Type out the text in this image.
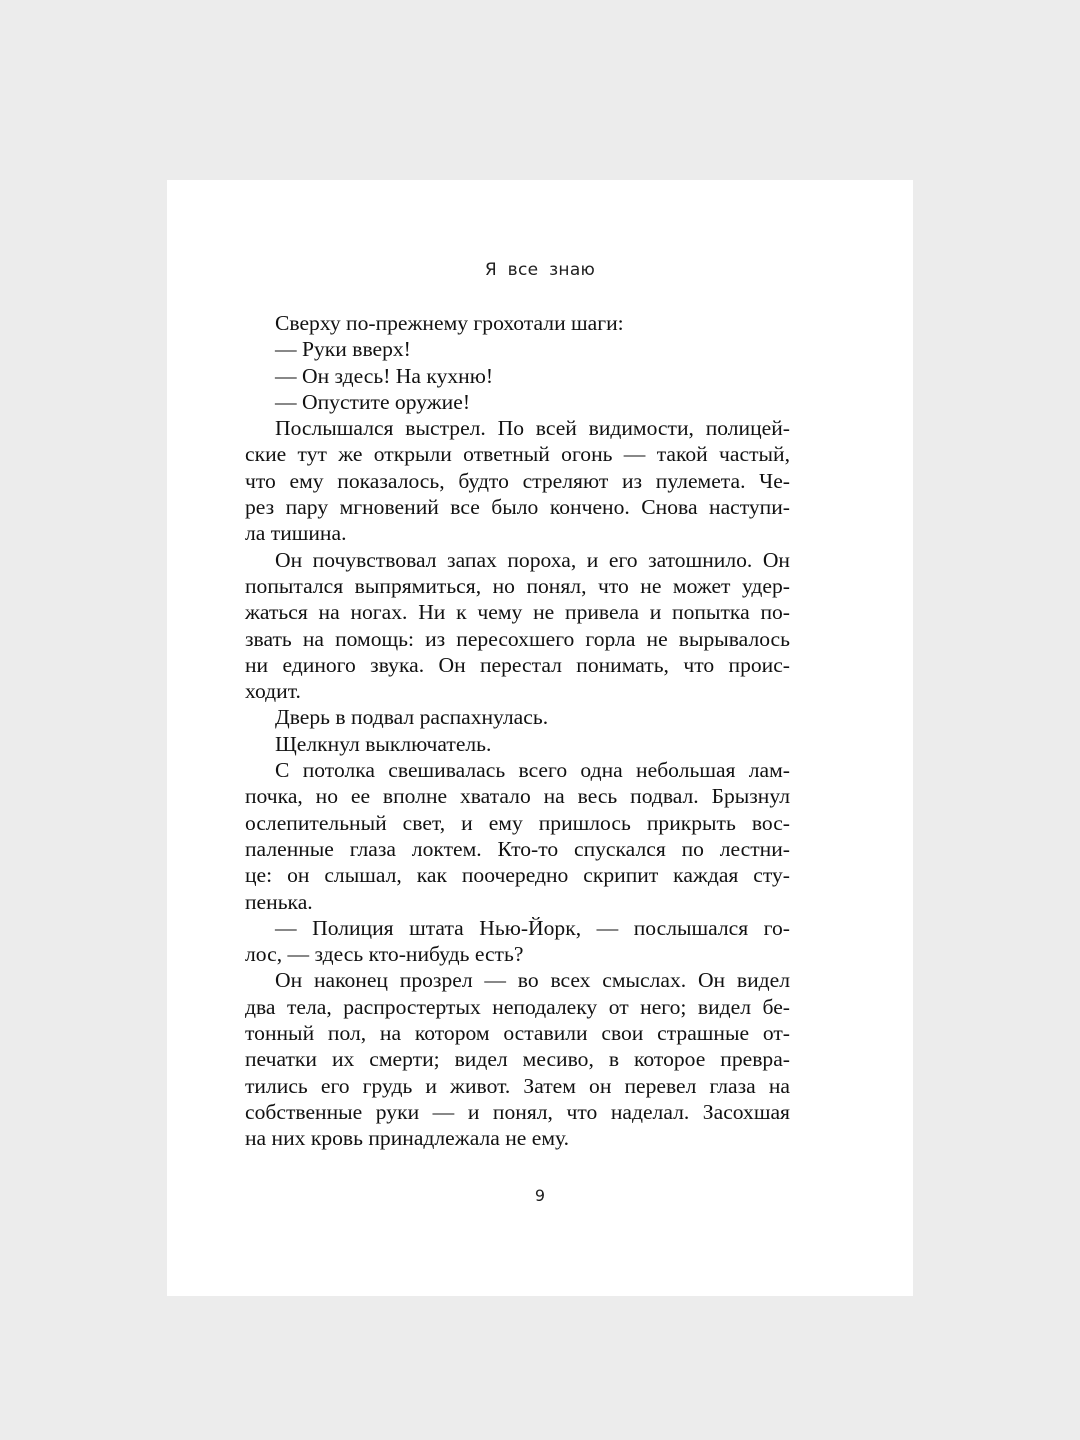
Я все знаю
Сверху по-прежнему грохотали шаги:
— Руки вверх!
— Он здесь! На кухню!
— Опустите оружие!
Послышался выстрел. По всей видимости, полицей-
ские тут же открыли ответный огонь — такой частый,
что ему показалось, будто стреляют из пулемета. Че-
рез пару мгновений все было кончено. Снова наступи-
ла тишина.
Он почувствовал запах пороха, и его затошнило. Он
попытался выпрямиться, но понял, что не может удер-
жаться на ногах. Ни к чему не привела и попытка по-
звать на помощь: из пересохшего горла не вырывалось
ни единого звука. Он перестал понимать, что проис-
ходит.
Дверь в подвал распахнулась.
Щелкнул выключатель.
С потолка свешивалась всего одна небольшая лам-
почка, но ее вполне хватало на весь подвал. Брызнул
ослепительный свет, и ему пришлось прикрыть вос-
паленные глаза локтем. Кто-то спускался по лестни-
це: он слышал, как поочередно скрипит каждая сту-
пенька.
— Полиция штата Нью-Йорк, — послышался го-
лос, — здесь кто-нибудь есть?
Он наконец прозрел — во всех смыслах. Он видел
два тела, распростертых неподалеку от него; видел бе-
тонный пол, на котором оставили свои страшные от-
печатки их смерти; видел месиво, в которое превра-
тились его грудь и живот. Затем он перевел глаза на
собственные руки — и понял, что наделал. Засохшая
на них кровь принадлежала не ему.
9
